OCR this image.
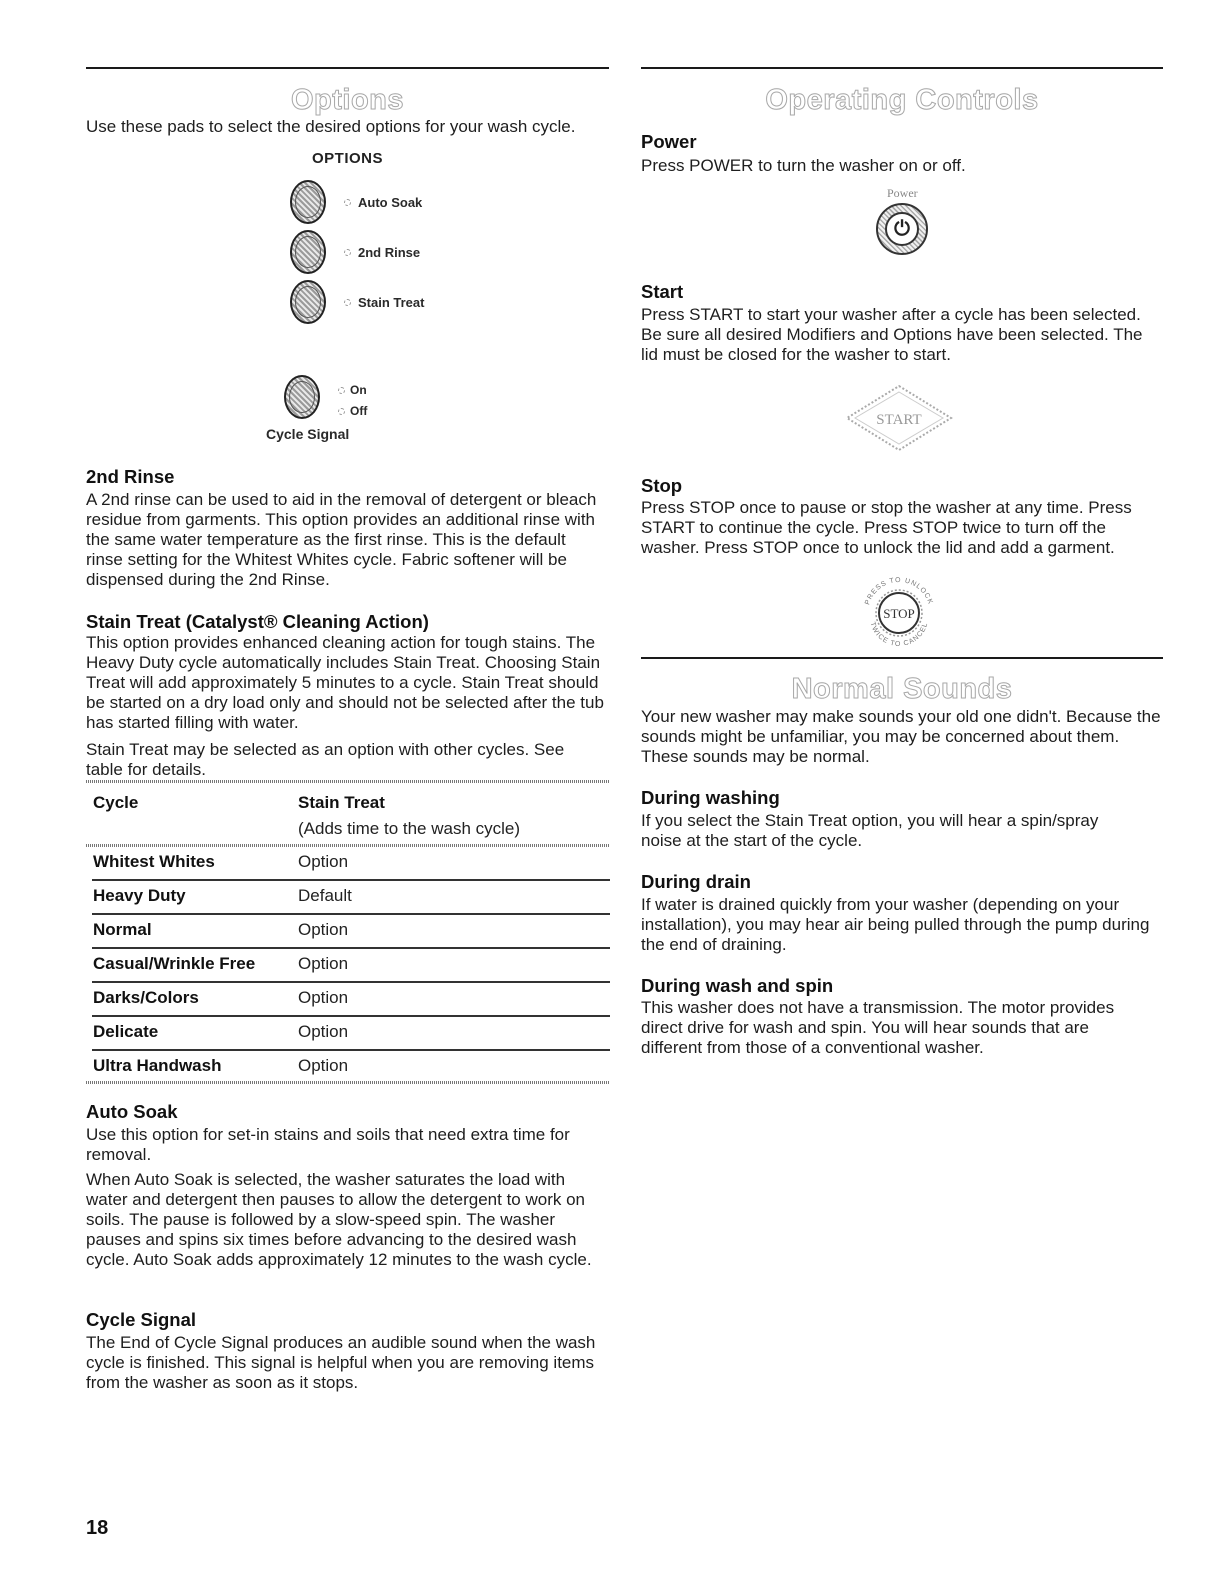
Options
Use these pads to select the desired options for your wash cycle.
OPTIONS
Auto Soak
2nd Rinse
Stain Treat
On
Off
Cycle Signal
2nd Rinse
A 2nd rinse can be used to aid in the removal of detergent or bleach residue from garments. This option provides an additional rinse with the same water temperature as the first rinse. This is the default rinse setting for the Whitest Whites cycle. Fabric softener will be dispensed during the 2nd Rinse.
Stain Treat (Catalyst® Cleaning Action)
This option provides enhanced cleaning action for tough stains. The Heavy Duty cycle automatically includes Stain Treat. Choosing Stain Treat will add approximately 5 minutes to a cycle. Stain Treat should be started on a dry load only and should not be selected after the tub has started filling with water.
Stain Treat may be selected as an option with other cycles. See table for details.
Cycle	Stain Treat
(Adds time to the wash cycle)
Whitest Whites	Option
Heavy Duty	Default
Normal	Option
Casual/Wrinkle Free	Option
Darks/Colors	Option
Delicate	Option
Ultra Handwash	Option
Auto Soak
Use this option for set-in stains and soils that need extra time for removal.
When Auto Soak is selected, the washer saturates the load with water and detergent then pauses to allow the detergent to work on soils. The pause is followed by a slow-speed spin. The washer pauses and spins six times before advancing to the desired wash cycle. Auto Soak adds approximately 12 minutes to the wash cycle.
Cycle Signal
The End of Cycle Signal produces an audible sound when the wash cycle is finished. This signal is helpful when you are removing items from the washer as soon as it stops.
Operating Controls
Power
Press POWER to turn the washer on or off.
Power
⏻
Start
Press START to start your washer after a cycle has been selected. Be sure all desired Modifiers and Options have been selected. The lid must be closed for the washer to start.
START
Stop
Press STOP once to pause or stop the washer at any time. Press START to continue the cycle. Press STOP twice to turn off the washer. Press STOP once to unlock the lid and add a garment.
PRESS TO UNLOCK
STOP
TWICE TO CANCEL
Normal Sounds
Your new washer may make sounds your old one didn't. Because the sounds might be unfamiliar, you may be concerned about them. These sounds may be normal.
During washing
If you select the Stain Treat option, you will hear a spin/spray noise at the start of the cycle.
During drain
If water is drained quickly from your washer (depending on your installation), you may hear air being pulled through the pump during the end of draining.
During wash and spin
This washer does not have a transmission. The motor provides direct drive for wash and spin. You will hear sounds that are different from those of a conventional washer.
18
